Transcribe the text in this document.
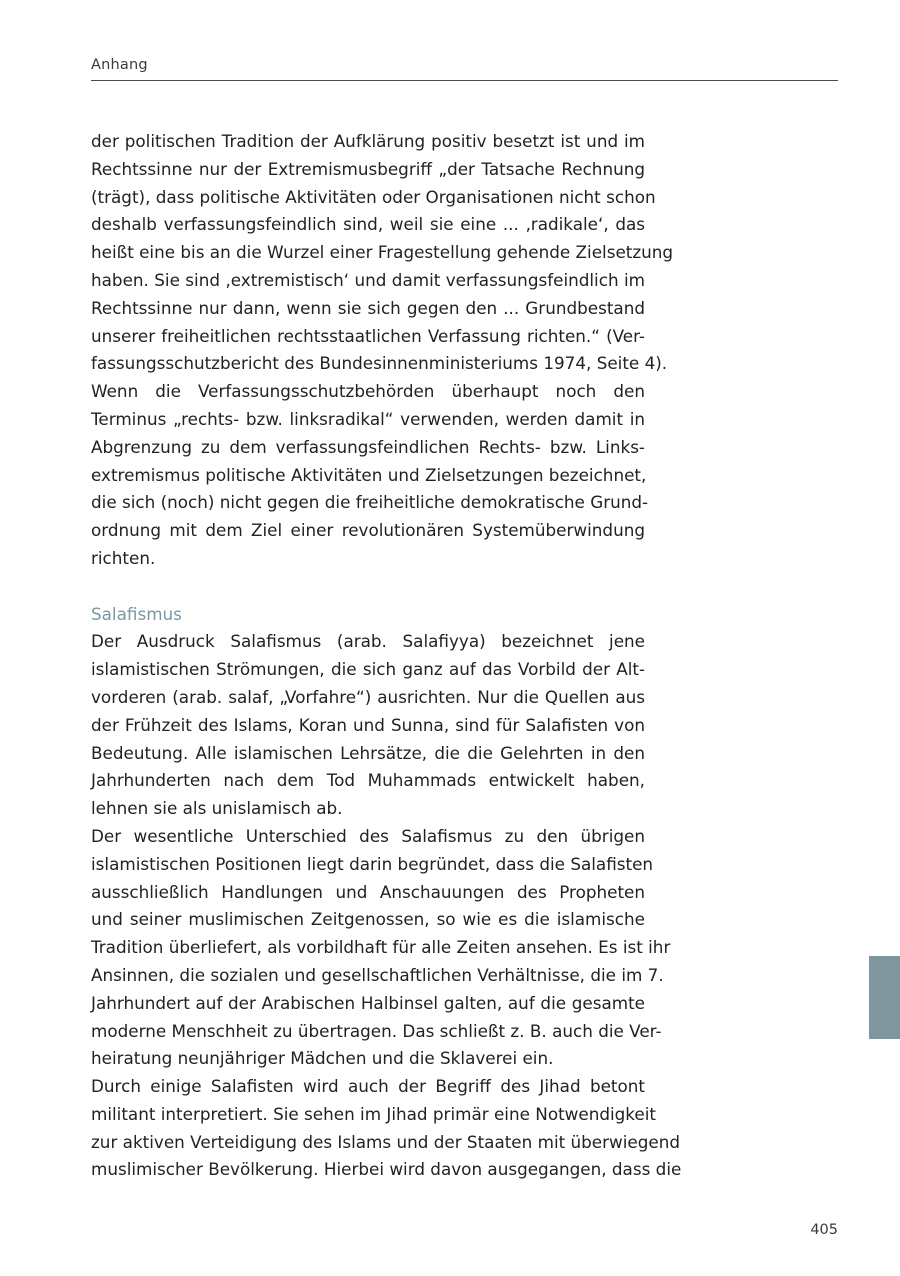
Anhang
der politischen Tradition der Aufklärung positiv besetzt ist und im
Rechtssinne nur der Extremismusbegriff „der Tatsache Rechnung
(trägt), dass politische Aktivitäten oder Organisationen nicht schon
deshalb verfassungsfeindlich sind, weil sie eine ... ‚radikale‘, das
heißt eine bis an die Wurzel einer Fragestellung gehende Zielsetzung
haben. Sie sind ‚extremistisch‘ und damit verfassungsfeindlich im
Rechtssinne nur dann, wenn sie sich gegen den ... Grundbestand
unserer freiheitlichen rechtsstaatlichen Verfassung richten.“ (Ver-
fassungsschutzbericht des Bundesinnenministeriums 1974, Seite 4).
Wenn die Verfassungsschutzbehörden überhaupt noch den
Terminus „rechts- bzw. linksradikal“ verwenden, werden damit in
Abgrenzung zu dem verfassungsfeindlichen Rechts- bzw. Links-
extremismus politische Aktivitäten und Zielsetzungen bezeichnet,
die sich (noch) nicht gegen die freiheitliche demokratische Grund-
ordnung mit dem Ziel einer revolutionären Systemüberwindung
richten.
Salafismus
Der Ausdruck Salafismus (arab. Salafiyya) bezeichnet jene
islamistischen Strömungen, die sich ganz auf das Vorbild der Alt-
vorderen (arab. salaf, „Vorfahre“) ausrichten. Nur die Quellen aus
der Frühzeit des Islams, Koran und Sunna, sind für Salafisten von
Bedeutung. Alle islamischen Lehrsätze, die die Gelehrten in den
Jahrhunderten nach dem Tod Muhammads entwickelt haben,
lehnen sie als unislamisch ab.
Der wesentliche Unterschied des Salafismus zu den übrigen
islamistischen Positionen liegt darin begründet, dass die Salafisten
ausschließlich Handlungen und Anschauungen des Propheten
und seiner muslimischen Zeitgenossen, so wie es die islamische
Tradition überliefert, als vorbildhaft für alle Zeiten ansehen. Es ist ihr
Ansinnen, die sozialen und gesellschaftlichen Verhältnisse, die im 7.
Jahrhundert auf der Arabischen Halbinsel galten, auf die gesamte
moderne Menschheit zu übertragen. Das schließt z. B. auch die Ver-
heiratung neunjähriger Mädchen und die Sklaverei ein.
Durch einige Salafisten wird auch der Begriff des Jihad betont
militant interpretiert. Sie sehen im Jihad primär eine Notwendigkeit
zur aktiven Verteidigung des Islams und der Staaten mit überwiegend
muslimischer Bevölkerung. Hierbei wird davon ausgegangen, dass die
405
